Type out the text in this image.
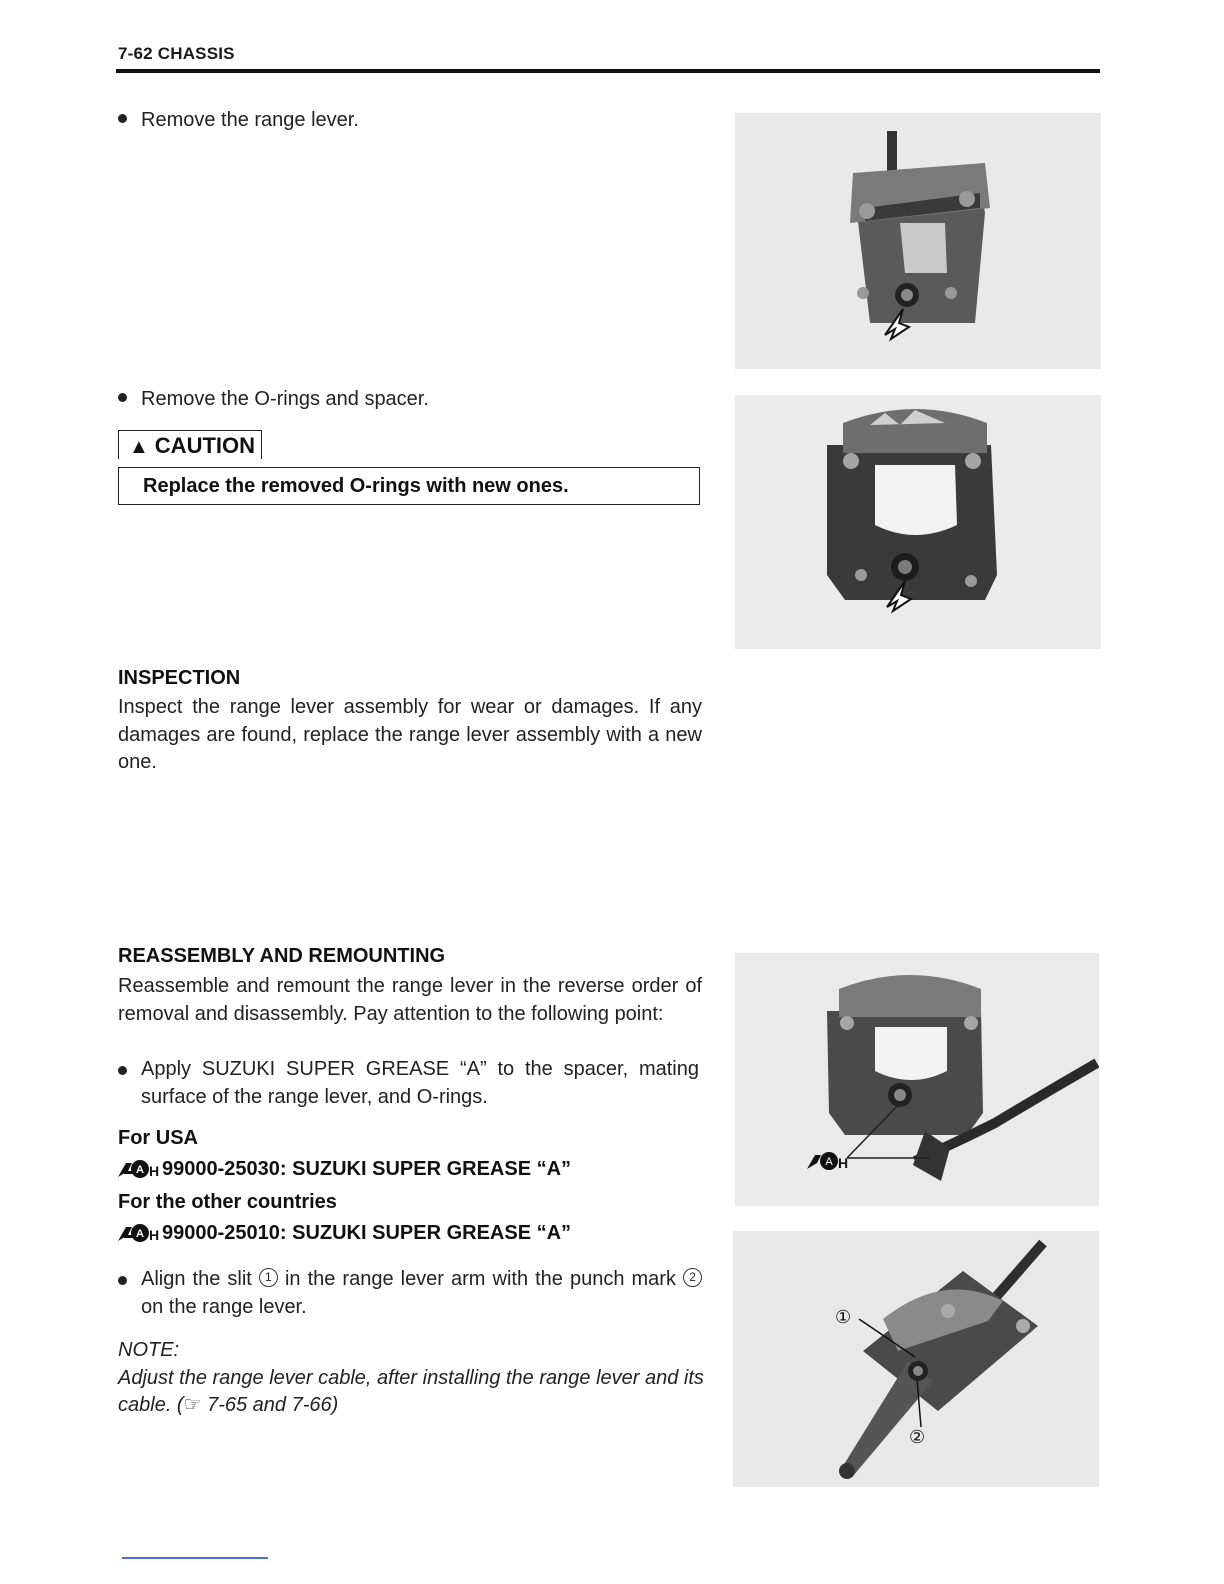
7-62 CHASSIS
Remove the range lever.
Remove the O-rings and spacer.
▲ CAUTION
Replace the removed O-rings with new ones.
INSPECTION
Inspect the range lever assembly for wear or damages. If any damages are found, replace the range lever assembly with a new one.
REASSEMBLY AND REMOUNTING
Reassemble and remount the range lever in the reverse order of removal and disassembly. Pay attention to the following point:
Apply SUZUKI SUPER GREASE “A” to the spacer, mating surface of the range lever, and O-rings.
For USA
A H 99000-25030: SUZUKI SUPER GREASE “A”
For the other countries
A H 99000-25010: SUZUKI SUPER GREASE “A”
Align the slit 1 in the range lever arm with the punch mark 2 on the range lever.
NOTE:
Adjust the range lever cable, after installing the range lever and its cable. (☞ 7-65 and 7-66)
A H
①
②
